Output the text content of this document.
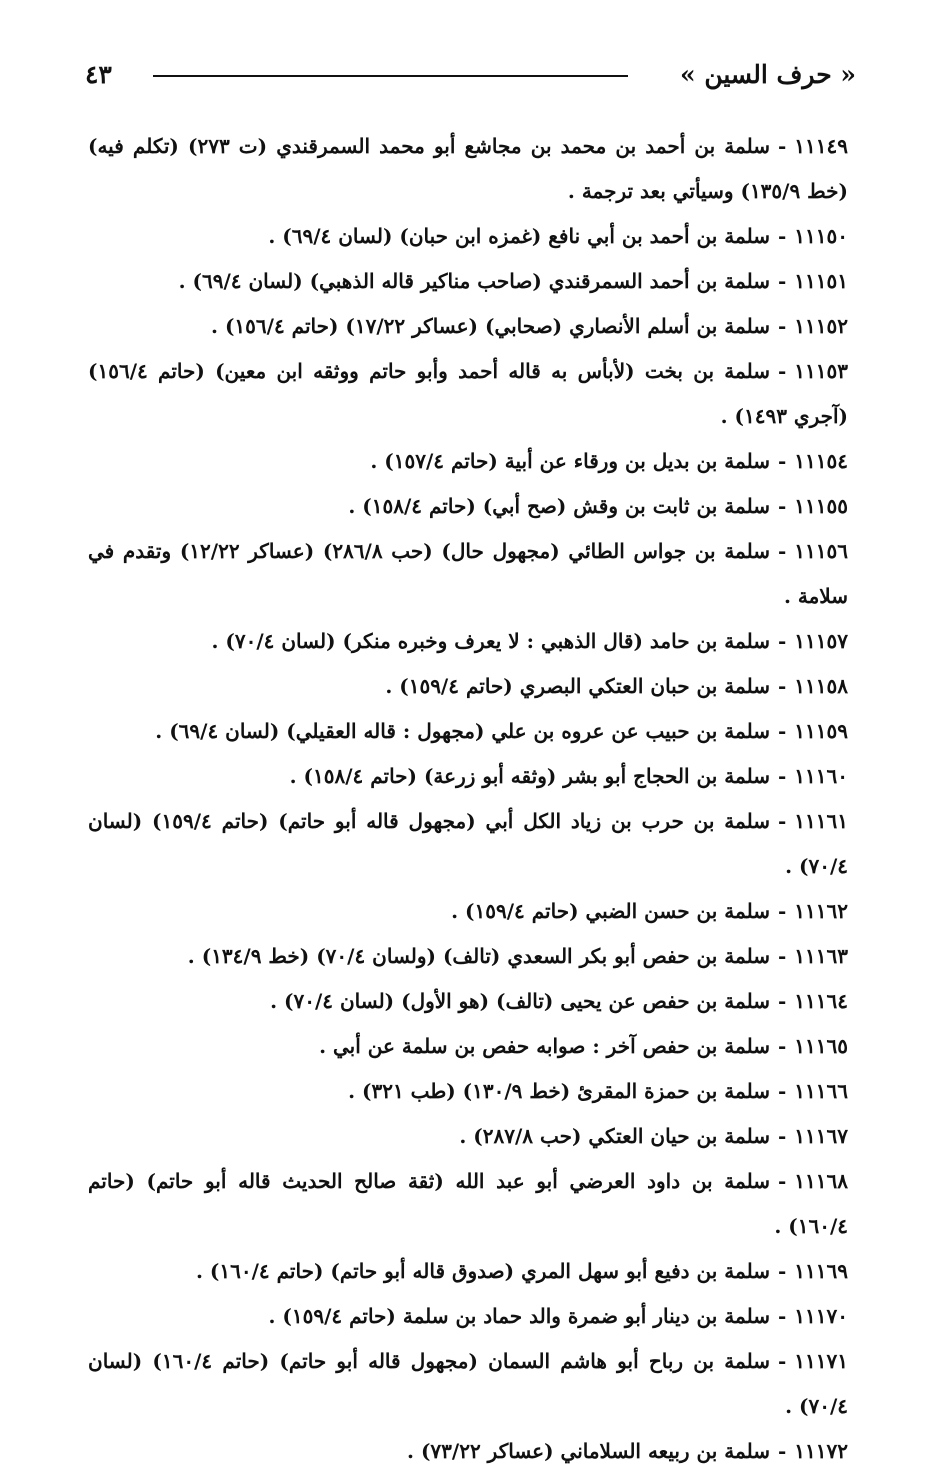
« حرف السين »
٤٣

١١١٤٩-سلمة بن أحمد بن محمد بن مجاشع أبو محمد السمرقندي (ت ٢٧٣) (تكلم فيه) (خط ١٣٥/٩) وسيأتي بعد ترجمة .

١١١٥٠-سلمة بن أحمد بن أبي نافع (غمزه ابن حبان) (لسان ٦٩/٤) .

١١١٥١-سلمة بن أحمد السمرقندي (صاحب مناكير قاله الذهبي) (لسان ٦٩/٤) .

١١١٥٢-سلمة بن أسلم الأنصاري (صحابي) (عساكر ١٧/٢٢) (حاتم ١٥٦/٤) .

١١١٥٣-سلمة بن بخت (لأبأس به قاله أحمد وأبو حاتم ووثقه ابن معين) (حاتم ١٥٦/٤) (آجري ١٤٩٣) .

١١١٥٤-سلمة بن بديل بن ورقاء عن أبية (حاتم ١٥٧/٤) .

١١١٥٥-سلمة بن ثابت بن وقش (صح أبي) (حاتم ١٥٨/٤) .

١١١٥٦-سلمة بن جواس الطائي (مجهول حال) (حب ٢٨٦/٨) (عساكر ١٢/٢٢) وتقدم في سلامة .

١١١٥٧-سلمة بن حامد (قال الذهبي : لا يعرف وخبره منكر) (لسان ٧٠/٤) .

١١١٥٨-سلمة بن حبان العتكي البصري (حاتم ١٥٩/٤) .

١١١٥٩-سلمة بن حبيب عن عروه بن علي (مجهول : قاله العقيلي) (لسان ٦٩/٤) .

١١١٦٠-سلمة بن الحجاج أبو بشر (وثقه أبو زرعة) (حاتم ١٥٨/٤) .

١١١٦١-سلمة بن حرب بن زياد الكل أبي (مجهول قاله أبو حاتم) (حاتم ١٥٩/٤) (لسان ٧٠/٤) .

١١١٦٢-سلمة بن حسن الضبي (حاتم ١٥٩/٤) .

١١١٦٣-سلمة بن حفص أبو بكر السعدي (تالف) (ولسان ٧٠/٤) (خط ١٣٤/٩) .

١١١٦٤-سلمة بن حفص عن يحيى (تالف) (هو الأول) (لسان ٧٠/٤) .

١١١٦٥-سلمة بن حفص آخر : صوابه حفص بن سلمة عن أبي .

١١١٦٦-سلمة بن حمزة المقرئ (خط ١٣٠/٩) (طب ٣٢١) .

١١١٦٧-سلمة بن حيان العتكي (حب ٢٨٧/٨) .

١١١٦٨-سلمة بن داود العرضي أبو عبد الله (ثقة صالح الحديث قاله أبو حاتم) (حاتم ١٦٠/٤) .

١١١٦٩-سلمة بن دفيع أبو سهل المري (صدوق قاله أبو حاتم) (حاتم ١٦٠/٤) .

١١١٧٠-سلمة بن دينار أبو ضمرة والد حماد بن سلمة (حاتم ١٥٩/٤) .

١١١٧١-سلمة بن رباح أبو هاشم السمان (مجهول قاله أبو حاتم) (حاتم ١٦٠/٤) (لسان ٧٠/٤) .

١١١٧٢-سلمة بن ربيعه السلاماني (عساكر ٧٣/٢٢) .
